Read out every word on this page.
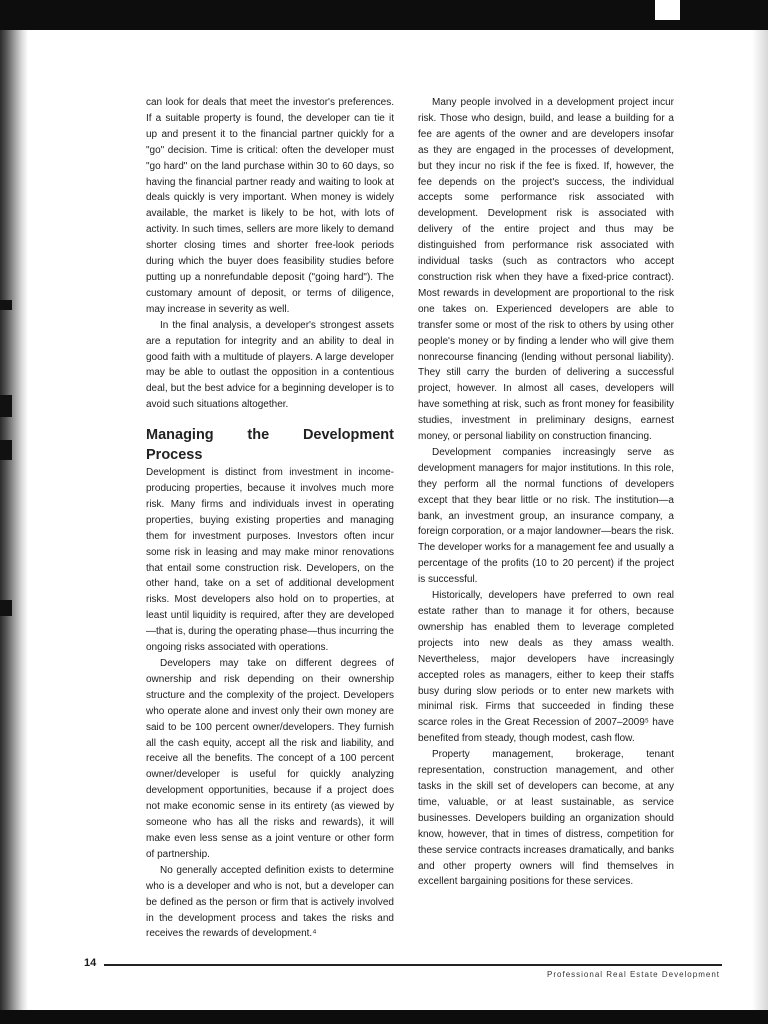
can look for deals that meet the investor's preferences. If a suitable property is found, the developer can tie it up and present it to the financial partner quickly for a "go" decision. Time is critical: often the developer must "go hard" on the land purchase within 30 to 60 days, so having the financial partner ready and waiting to look at deals quickly is very important. When money is widely available, the market is likely to be hot, with lots of activity. In such times, sellers are more likely to demand shorter closing times and shorter free-look periods during which the buyer does feasibility studies before putting up a nonrefundable deposit ("going hard"). The customary amount of deposit, or terms of diligence, may increase in severity as well.

In the final analysis, a developer's strongest assets are a reputation for integrity and an ability to deal in good faith with a multitude of players. A large developer may be able to outlast the opposition in a contentious deal, but the best advice for a beginning developer is to avoid such situations altogether.

Managing the Development Process

Development is distinct from investment in income-producing properties, because it involves much more risk. Many firms and individuals invest in operating properties, buying existing properties and managing them for investment purposes. Investors often incur some risk in leasing and may make minor renovations that entail some construction risk. Developers, on the other hand, take on a set of additional development risks. Most developers also hold on to properties, at least until liquidity is required, after they are developed—that is, during the operating phase—thus incurring the ongoing risks associated with operations.

Developers may take on different degrees of ownership and risk depending on their ownership structure and the complexity of the project. Developers who operate alone and invest only their own money are said to be 100 percent owner/developers. They furnish all the cash equity, accept all the risk and liability, and receive all the benefits. The concept of a 100 percent owner/developer is useful for quickly analyzing development opportunities, because if a project does not make economic sense in its entirety (as viewed by someone who has all the risks and rewards), it will make even less sense as a joint venture or other form of partnership.

No generally accepted definition exists to determine who is a developer and who is not, but a developer can be defined as the person or firm that is actively involved in the development process and takes the risks and receives the rewards of development.⁴

Many people involved in a development project incur risk. Those who design, build, and lease a building for a fee are agents of the owner and are developers insofar as they are engaged in the processes of development, but they incur no risk if the fee is fixed. If, however, the fee depends on the project's success, the individual accepts some performance risk associated with development. Development risk is associated with delivery of the entire project and thus may be distinguished from performance risk associated with individual tasks (such as contractors who accept construction risk when they have a fixed-price contract). Most rewards in development are proportional to the risk one takes on. Experienced developers are able to transfer some or most of the risk to others by using other people's money or by finding a lender who will give them nonrecourse financing (lending without personal liability). They still carry the burden of delivering a successful project, however. In almost all cases, developers will have something at risk, such as front money for feasibility studies, investment in preliminary designs, earnest money, or personal liability on construction financing.

Development companies increasingly serve as development managers for major institutions. In this role, they perform all the normal functions of developers except that they bear little or no risk. The institution—a bank, an investment group, an insurance company, a foreign corporation, or a major landowner—bears the risk. The developer works for a management fee and usually a percentage of the profits (10 to 20 percent) if the project is successful.

Historically, developers have preferred to own real estate rather than to manage it for others, because ownership has enabled them to leverage completed projects into new deals as they amass wealth. Nevertheless, major developers have increasingly accepted roles as managers, either to keep their staffs busy during slow periods or to enter new markets with minimal risk. Firms that succeeded in finding these scarce roles in the Great Recession of 2007–2009⁵ have benefited from steady, though modest, cash flow.

Property management, brokerage, tenant representation, construction management, and other tasks in the skill set of developers can become, at any time, valuable, or at least sustainable, as service businesses. Developers building an organization should know, however, that in times of distress, competition for these service contracts increases dramatically, and banks and other property owners will find themselves in excellent bargaining positions for these services.

14
Professional Real Estate Development
